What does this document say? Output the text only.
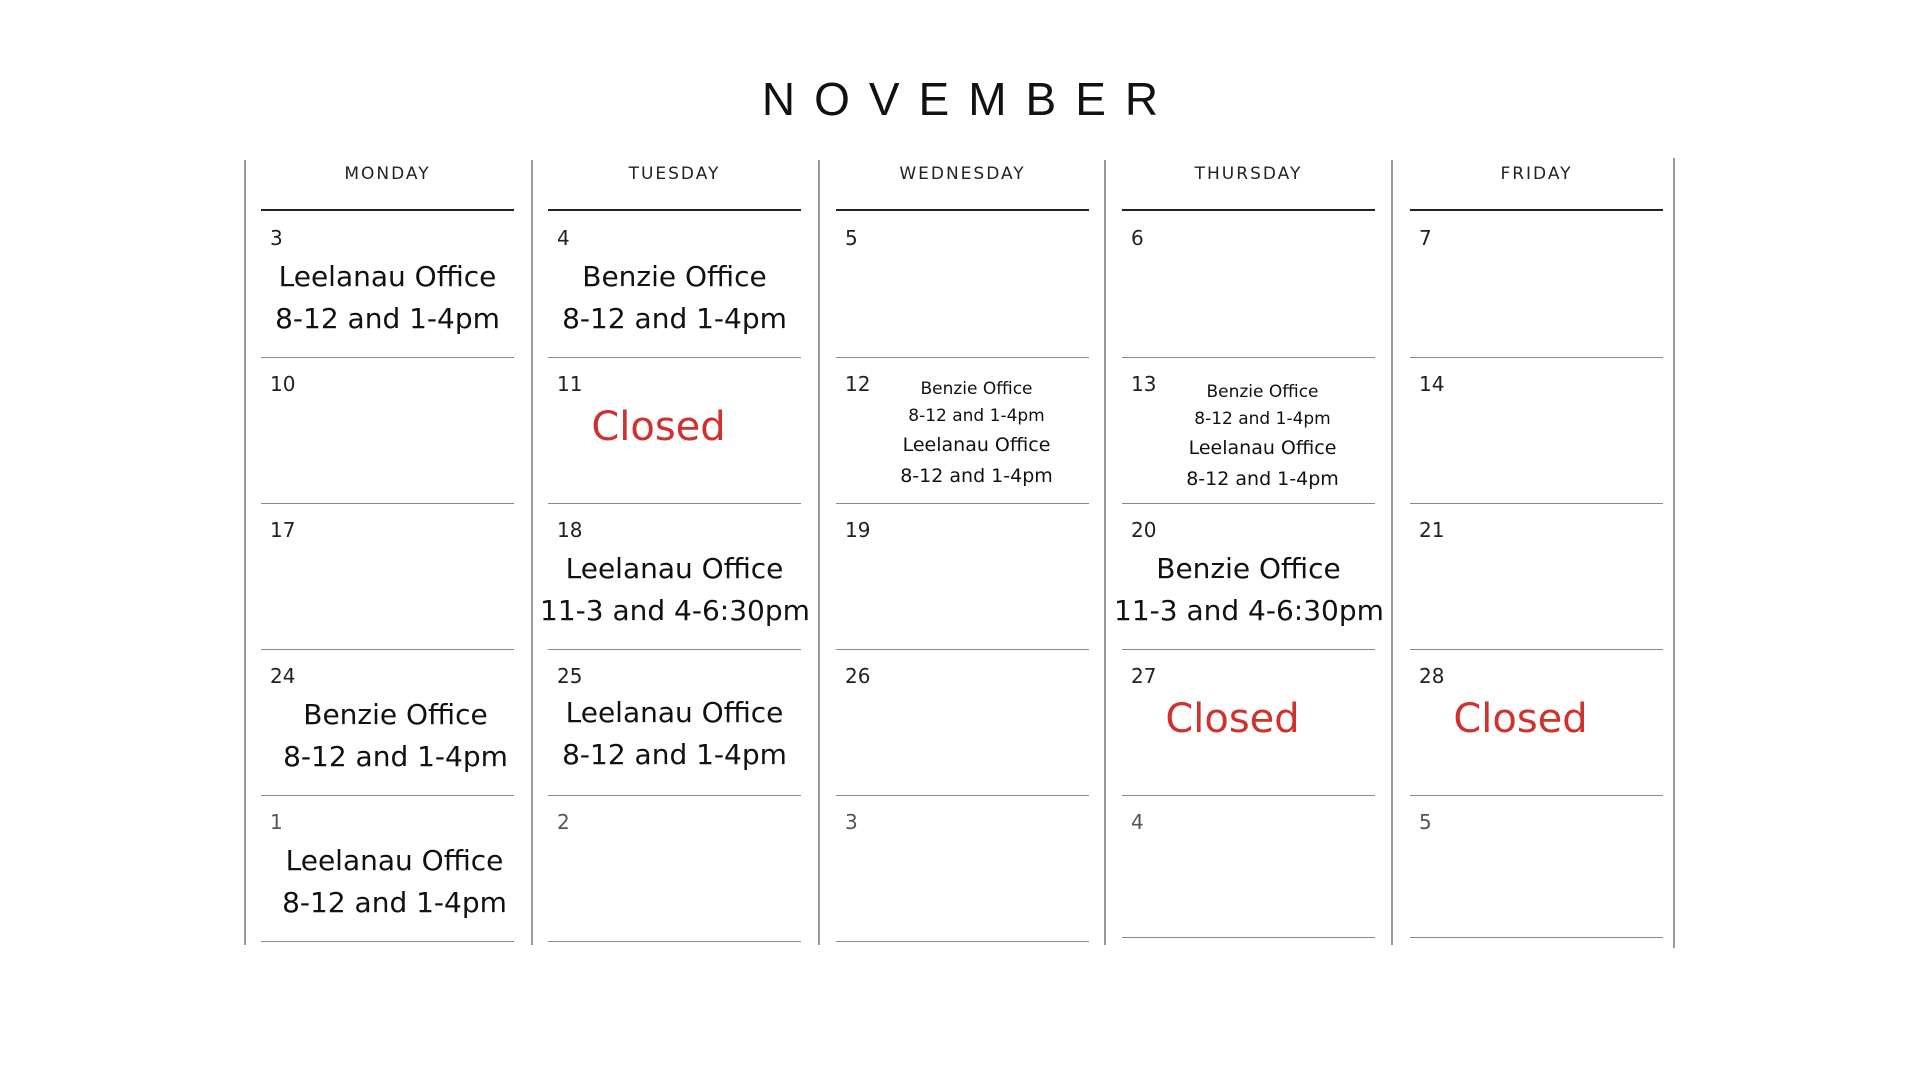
NOVEMBER
MONDAY
3
Leelanau Office
8-12 and 1-4pm
10
17
24
Benzie Office
8-12 and 1-4pm
1
Leelanau Office
8-12 and 1-4pm
TUESDAY
4
Benzie Office
8-12 and 1-4pm
11
Closed
18
Leelanau Office
11-3 and 4-6:30pm
25
Leelanau Office
8-12 and 1-4pm
2
WEDNESDAY
5
12	Benzie Office
8-12 and 1-4pm
Leelanau Office
8-12 and 1-4pm
19
26
3
THURSDAY
6
13	Benzie Office
8-12 and 1-4pm
Leelanau Office
8-12 and 1-4pm
20
Benzie Office
11-3 and 4-6:30pm
27
Closed
4
FRIDAY
7
14
21
28
Closed
5
